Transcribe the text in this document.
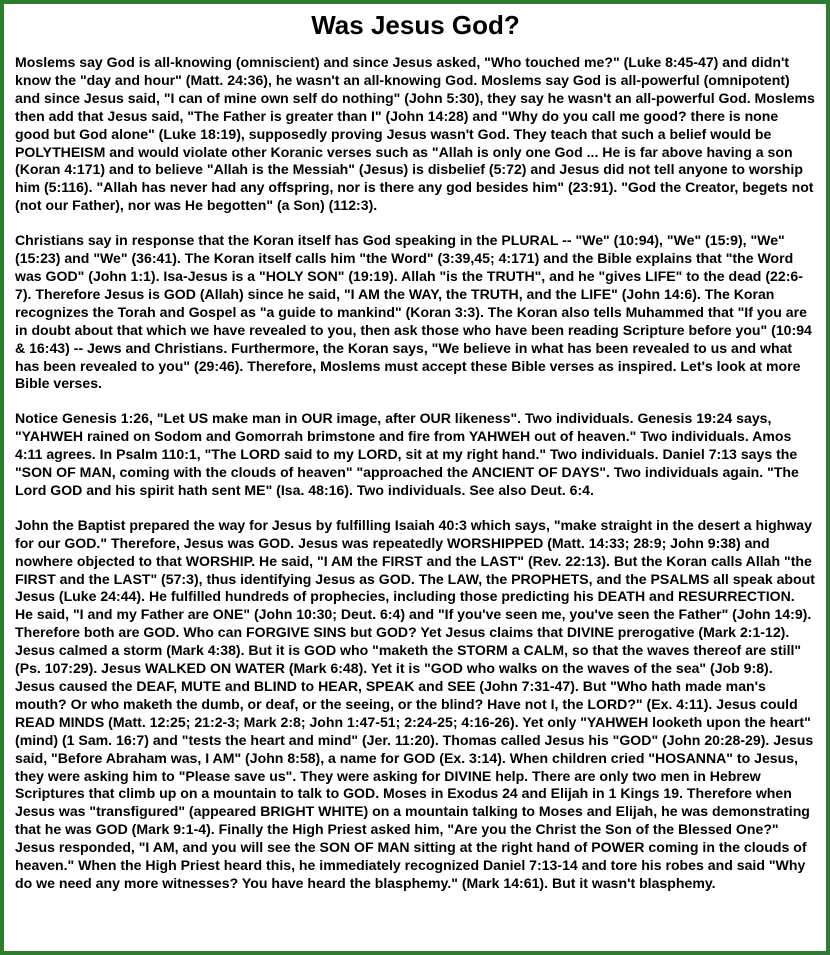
Was Jesus God?

Moslems say God is all-knowing (omniscient) and since Jesus asked, "Who touched me?" (Luke 8:45-47) and didn't know the "day and hour" (Matt. 24:36), he wasn't an all-knowing God. Moslems say God is all-powerful (omnipotent) and since Jesus said, "I can of mine own self do nothing" (John 5:30), they say he wasn't an all-powerful God. Moslems then add that Jesus said, "The Father is greater than I" (John 14:28) and "Why do you call me good? there is none good but God alone" (Luke 18:19), supposedly proving Jesus wasn't God. They teach that such a belief would be POLYTHEISM and would violate other Koranic verses such as "Allah is only one God ... He is far above having a son (Koran 4:171) and to believe "Allah is the Messiah" (Jesus) is disbelief (5:72) and Jesus did not tell anyone to worship him (5:116). "Allah has never had any offspring, nor is there any god besides him" (23:91). "God the Creator, begets not (not our Father), nor was He begotten" (a Son) (112:3).

Christians say in response that the Koran itself has God speaking in the PLURAL -- "We" (10:94), "We" (15:9), "We" (15:23) and "We" (36:41). The Koran itself calls him "the Word" (3:39,45; 4:171) and the Bible explains that "the Word was GOD" (John 1:1). Isa-Jesus is a "HOLY SON" (19:19). Allah "is the TRUTH", and he "gives LIFE" to the dead (22:6-7). Therefore Jesus is GOD (Allah) since he said, "I AM the WAY, the TRUTH, and the LIFE" (John 14:6). The Koran recognizes the Torah and Gospel as "a guide to mankind" (Koran 3:3). The Koran also tells Muhammed that "If you are in doubt about that which we have revealed to you, then ask those who have been reading Scripture before you" (10:94 & 16:43) -- Jews and Christians. Furthermore, the Koran says, "We believe in what has been revealed to us and what has been revealed to you" (29:46). Therefore, Moslems must accept these Bible verses as inspired. Let's look at more Bible verses.

Notice Genesis 1:26, "Let US make man in OUR image, after OUR likeness". Two individuals. Genesis 19:24 says, "YAHWEH rained on Sodom and Gomorrah brimstone and fire from YAHWEH out of heaven." Two individuals. Amos 4:11 agrees. In Psalm 110:1, "The LORD said to my LORD, sit at my right hand." Two individuals. Daniel 7:13 says the "SON OF MAN, coming with the clouds of heaven" "approached the ANCIENT OF DAYS". Two individuals again. "The Lord GOD and his spirit hath sent ME" (Isa. 48:16). Two individuals. See also Deut. 6:4.

John the Baptist prepared the way for Jesus by fulfilling Isaiah 40:3 which says, "make straight in the desert a highway for our GOD." Therefore, Jesus was GOD. Jesus was repeatedly WORSHIPPED (Matt. 14:33; 28:9; John 9:38) and nowhere objected to that WORSHIP. He said, "I AM the FIRST and the LAST" (Rev. 22:13). But the Koran calls Allah "the FIRST and the LAST" (57:3), thus identifying Jesus as GOD. The LAW, the PROPHETS, and the PSALMS all speak about Jesus (Luke 24:44). He fulfilled hundreds of prophecies, including those predicting his DEATH and RESURRECTION. He said, "I and my Father are ONE" (John 10:30; Deut. 6:4) and "If you've seen me, you've seen the Father" (John 14:9). Therefore both are GOD. Who can FORGIVE SINS but GOD? Yet Jesus claims that DIVINE prerogative (Mark 2:1-12). Jesus calmed a storm (Mark 4:38). But it is GOD who "maketh the STORM a CALM, so that the waves thereof are still" (Ps. 107:29). Jesus WALKED ON WATER (Mark 6:48). Yet it is "GOD who walks on the waves of the sea" (Job 9:8). Jesus caused the DEAF, MUTE and BLIND to HEAR, SPEAK and SEE (John 7:31-47). But "Who hath made man's mouth? Or who maketh the dumb, or deaf, or the seeing, or the blind? Have not I, the LORD?" (Ex. 4:11). Jesus could READ MINDS (Matt. 12:25; 21:2-3; Mark 2:8; John 1:47-51; 2:24-25; 4:16-26). Yet only "YAHWEH looketh upon the heart" (mind) (1 Sam. 16:7) and "tests the heart and mind" (Jer. 11:20). Thomas called Jesus his "GOD" (John 20:28-29). Jesus said, "Before Abraham was, I AM" (John 8:58), a name for GOD (Ex. 3:14). When children cried "HOSANNA" to Jesus, they were asking him to "Please save us". They were asking for DIVINE help. There are only two men in Hebrew Scriptures that climb up on a mountain to talk to GOD. Moses in Exodus 24 and Elijah in 1 Kings 19. Therefore when Jesus was "transfigured" (appeared BRIGHT WHITE) on a mountain talking to Moses and Elijah, he was demonstrating that he was GOD (Mark 9:1-4). Finally the High Priest asked him, "Are you the Christ the Son of the Blessed One?" Jesus responded, "I AM, and you will see the SON OF MAN sitting at the right hand of POWER coming in the clouds of heaven." When the High Priest heard this, he immediately recognized Daniel 7:13-14 and tore his robes and said "Why do we need any more witnesses? You have heard the blasphemy." (Mark 14:61). But it wasn't blasphemy.
